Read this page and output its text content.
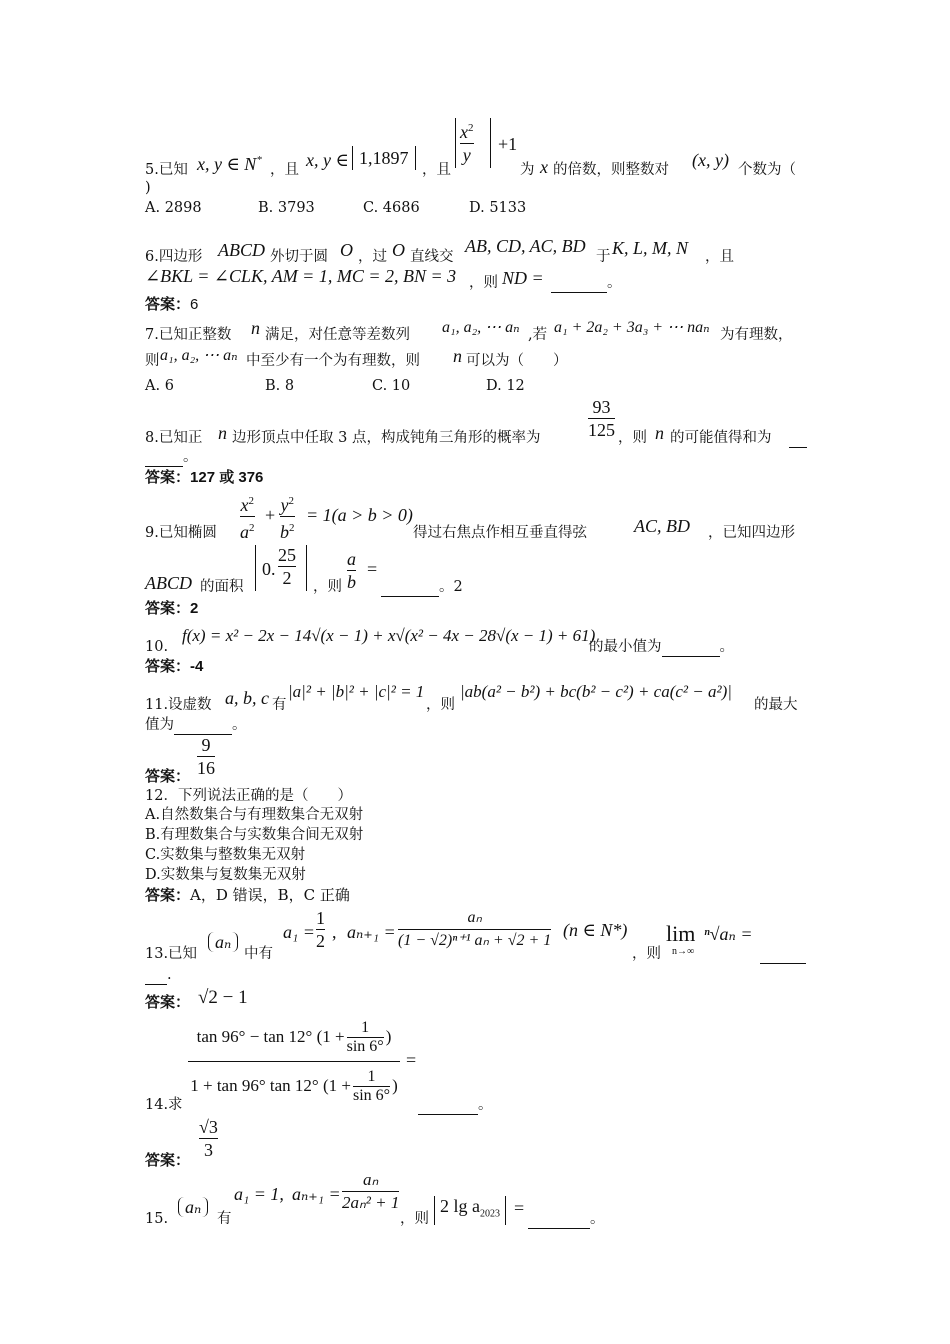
5.已知 x, y ∈ N*
，且 x, y ∈ 1,1897
，且
$x^2$
y
+1
为 x 的倍数，则整数对 (x, y) 个数为（
)
A. 2898	B. 3793	C. 4686	D. 5133
6.四边形 ABCD 外切于圆 O ，过 O 直线交
AB, CD, AC, BD
于 K, L, M, N ，且
∠BKL = ∠CLK, AM = 1, MC = 2, BN = 3 ，则 ND =	。
答案：6
7.已知正整数 n 满足，对任意等差数列 a₁, a₂, ⋯ aₙ ,若 a₁ + 2a₂ + 3a₃ + ⋯ naₙ 为有理数，
则 a₁, a₂, ⋯ aₙ 中至少有一个为有理数，则 n 可以为（　　）
A. 6	B. 8	C. 10	D. 12
93
125
8.已知正 n 边形顶点中任取 3 点，构成钝角三角形的概率为	，则 n 的可能值得和为

。
答案：127 或 376
9.已知椭圆
$x^2$
$a^2$
+ $y^2$
$b^2$
= 1(a > b > 0)
得过右焦点作相互垂直得弦	AC, BD ，已知四边形
ABCD 的面积
0.
25
2 ，则
a
b
=
。2
答案：2
10.
f(x) = x² − 2x − 14√(x − 1) + x√(x² − 4x − 28√(x − 1) + 61)
的最小值为	。
答案：-4
11.设虚数 a, b, c 有
|a|² + |b|² + |c|² = 1
，则
|ab(a² − b²) + bc(b² − c²) + ca(c² − a²)|
的最大
值为	。
答案：
9
16
12．下列说法正确的是（　　）
A.自然数集合与有理数集合无双射
B.有理数集合与实数集合间无双射
C.实数集与整数集无双射
D.实数集与复数集无双射
答案：A，D 错误，B，C 正确
13.已知
aₙ
中有
a₁ =
1
2 , aₙ₊₁ =
aₙ
(1 − √2)ⁿ⁺¹ aₙ + √2 + 1
(n ∈ N*)
，则
lim
n→∞
ⁿ√aₙ =

.
答案： √2 − 1
tan 96° − tan 12° (1 + 1
sin 6° )
1 + tan 96° tan 12° (1 + 1
sin 6° )
=
14.求	。
答案：
√3
3
15.
aₙ
有
a₁ = 1, aₙ₊₁ =
aₙ
2aₙ² + 1
，则
2 $\lg a_{2023}$ =
。
